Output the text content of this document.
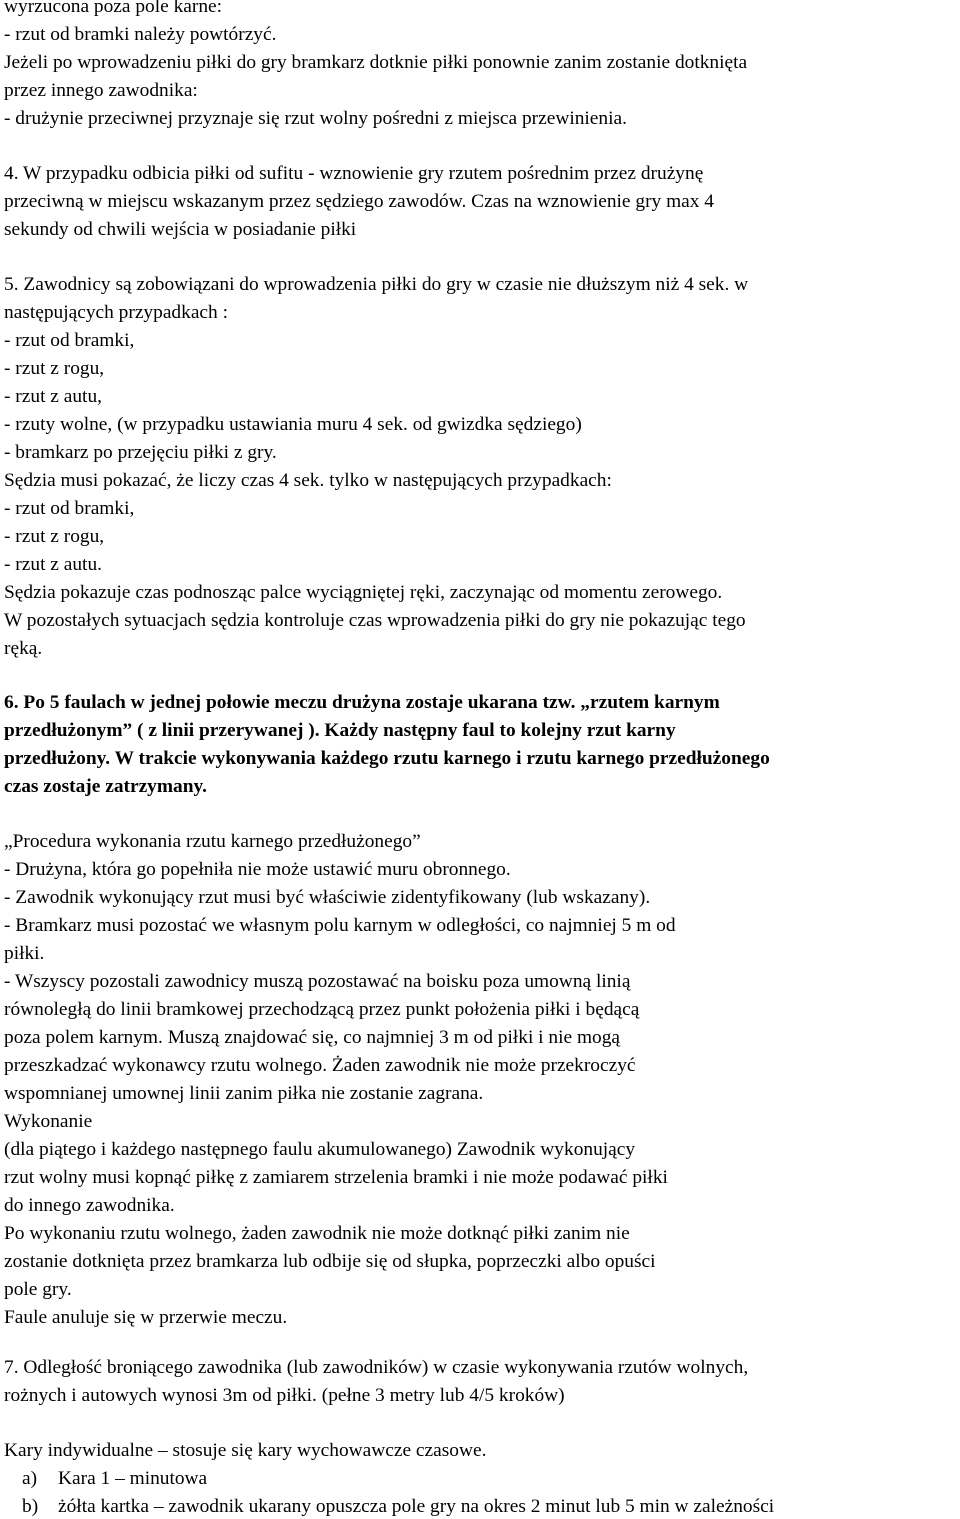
wyrzucona poza pole karne:
- rzut od bramki należy powtórzyć.
Jeżeli po wprowadzeniu piłki do gry bramkarz dotknie piłki ponownie zanim zostanie dotknięta
przez innego zawodnika:
- drużynie przeciwnej przyznaje się rzut wolny pośredni z miejsca przewinienia.
4. W przypadku odbicia piłki od sufitu - wznowienie gry rzutem pośrednim przez drużynę
przeciwną w miejscu wskazanym przez sędziego zawodów. Czas na wznowienie gry max 4
sekundy od chwili wejścia w posiadanie piłki
5. Zawodnicy są zobowiązani do wprowadzenia piłki do gry w czasie nie dłuższym niż 4 sek. w
następujących przypadkach :
- rzut od bramki,
- rzut z rogu,
- rzut z autu,
- rzuty wolne, (w przypadku ustawiania muru 4 sek. od gwizdka sędziego)
- bramkarz po przejęciu piłki z gry.
Sędzia musi pokazać, że liczy czas 4 sek. tylko w następujących przypadkach:
- rzut od bramki,
- rzut z rogu,
- rzut z autu.
Sędzia pokazuje czas podnosząc palce wyciągniętej ręki, zaczynając od momentu zerowego.
W pozostałych sytuacjach sędzia kontroluje czas wprowadzenia piłki do gry nie pokazując tego
ręką.
6. Po 5 faulach w jednej połowie meczu drużyna zostaje ukarana tzw. „rzutem karnym
przedłużonym” ( z linii przerywanej ). Każdy następny faul to kolejny rzut karny
przedłużony. W trakcie wykonywania każdego rzutu karnego i rzutu karnego przedłużonego
czas zostaje zatrzymany.
„Procedura wykonania rzutu karnego przedłużonego”
- Drużyna, która go popełniła nie może ustawić muru obronnego.
- Zawodnik wykonujący rzut musi być właściwie zidentyfikowany (lub wskazany).
- Bramkarz musi pozostać we własnym polu karnym w odległości, co najmniej 5 m od
piłki.
- Wszyscy pozostali zawodnicy muszą pozostawać na boisku poza umowną linią
równoległą do linii bramkowej przechodzącą przez punkt położenia piłki i będącą
poza polem karnym. Muszą znajdować się, co najmniej 3 m od piłki i nie mogą
przeszkadzać wykonawcy rzutu wolnego. Żaden zawodnik nie może przekroczyć
wspomnianej umownej linii zanim piłka nie zostanie zagrana.
Wykonanie
(dla piątego i każdego następnego faulu akumulowanego) Zawodnik wykonujący
rzut wolny musi kopnąć piłkę z zamiarem strzelenia bramki i nie może podawać piłki
do innego zawodnika.
Po wykonaniu rzutu wolnego, żaden zawodnik nie może dotknąć piłki zanim nie
zostanie dotknięta przez bramkarza lub odbije się od słupka, poprzeczki albo opuści
pole gry.
Faule anuluje się w przerwie meczu.
7. Odległość broniącego zawodnika (lub zawodników) w czasie wykonywania rzutów wolnych,
rożnych i autowych wynosi 3m od piłki. (pełne 3 metry lub 4/5 kroków)
Kary indywidualne – stosuje się kary wychowawcze czasowe.
a) Kara 1 – minutowa
b) żółta kartka – zawodnik ukarany opuszcza pole gry na okres 2 minut lub 5 min w zależności
